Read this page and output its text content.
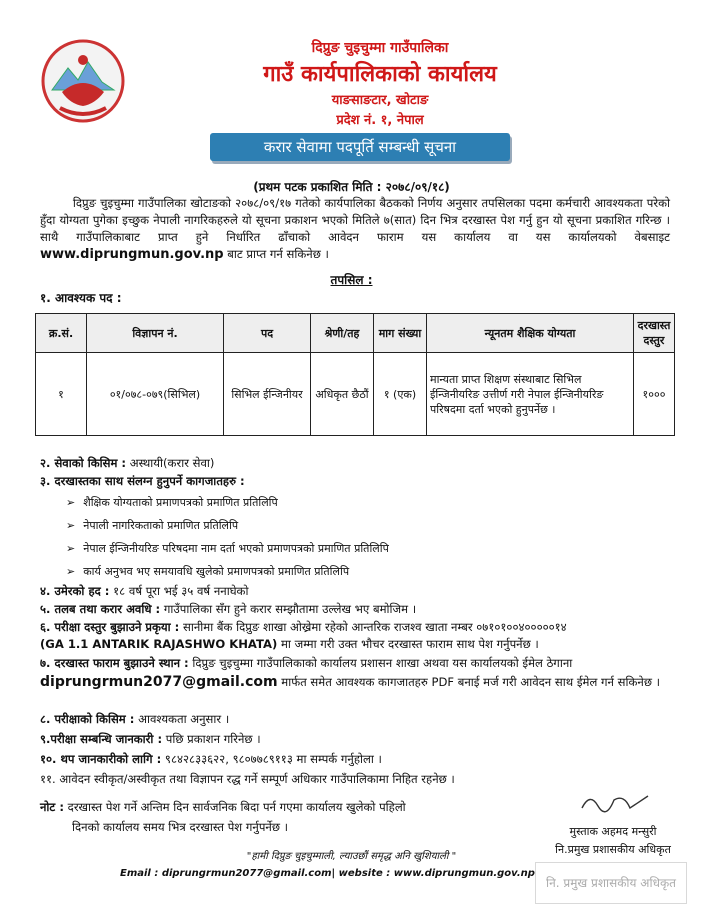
दिप्रुङ चुइचुम्मा गाउँपालिका
गाउँ कार्यपालिकाको कार्यालय
याङसाङटार, खोटाङ
प्रदेश नं. १, नेपाल
करार सेवामा पदपूर्ति सम्बन्धी सूचना
(प्रथम पटक प्रकाशित मिति : २०७८/०९/१८)
दिप्रुङ चुइचुम्मा गाउँपालिका खोटाङको २०७८/०९/१७ गतेको कार्यपालिका बैठकको निर्णय अनुसार तपसिलका पदमा कर्मचारी आवश्यकता परेको हुँदा योग्यता पुगेका इच्छुक नेपाली नागरिकहरुले यो सूचना प्रकाशन भएको मितिले ७(सात) दिन भित्र दरखास्त पेश गर्नु हुन यो सूचना प्रकाशित गरिन्छ । साथै गाउँपालिकाबाट प्राप्त हुने निर्धारित ढाँचाको आवेदन फाराम यस कार्यालय वा यस कार्यालयको वेबसाइट www.diprungmun.gov.np बाट प्राप्त गर्न सकिनेछ ।
तपसिल :
१. आवश्यक पद :
क्र.सं.	विज्ञापन नं.	पद	श्रेणी/तह	माग संख्या	न्यूनतम शैक्षिक योग्यता	दरखास्त दस्तुर
१	०१/०७८-०७९(सिभिल)	सिभिल ईन्जिनीयर	अधिकृत छैठौं	१ (एक)	मान्यता प्राप्त शिक्षण संस्थाबाट सिभिल ईन्जिनीयरिङ उत्तीर्ण गरी नेपाल ईन्जिनीयरिङ परिषदमा दर्ता भएको हुनुपर्नेछ ।	१०००
२. सेवाको किसिम : अस्थायी(करार सेवा)
३. दरखास्तका साथ संलग्न हुनुपर्ने कागजातहरु :
➢ शैक्षिक योग्यताको प्रमाणपत्रको प्रमाणित प्रतिलिपि
➢ नेपाली नागरिकताको प्रमाणित प्रतिलिपि
➢ नेपाल ईन्जिनीयरिङ परिषदमा नाम दर्ता भएको प्रमाणपत्रको प्रमाणित प्रतिलिपि
➢ कार्य अनुभव भए समयावधि खुलेको प्रमाणपत्रको प्रमाणित प्रतिलिपि
४. उमेरको हद : १८ वर्ष पूरा भई ३५ वर्ष ननाघेको
५. तलब तथा करार अवधि : गाउँपालिका सँग हुने करार सम्झौतामा उल्लेख भए बमोजिम ।
६. परीक्षा दस्तुर बुझाउने प्रकृया : सानीमा बैंक दिप्रुङ शाखा ओख्रेमा रहेको आन्तरिक राजश्व खाता नम्बर ०७१०१००४०००००१४
(GA 1.1 ANTARIK RAJASHWO KHATA) मा जम्मा गरी उक्त भौचर दरखास्त फाराम साथ पेश गर्नुपर्नेछ ।
७. दरखास्त फाराम बुझाउने स्थान : दिप्रुङ चुइचुम्मा गाउँपालिकाको कार्यालय प्रशासन शाखा अथवा यस कार्यालयको ईमेल ठेगाना
diprungrmun2077@gmail.com मार्फत समेत आवश्यक कागजातहरु PDF बनाई मर्ज गरी आवेदन साथ ईमेल गर्न सकिनेछ ।
८. परीक्षाको किसिम : आवश्यकता अनुसार ।
९.परीक्षा सम्बन्धि जानकारी : पछि प्रकाशन गरिनेछ ।
१०. थप जानकारीको लागि : ९८४२८३३६२२, ९८०७७८९११३ मा सम्पर्क गर्नुहोला ।
११. आवेदन स्वीकृत/अस्वीकृत तथा विज्ञापन रद्ध गर्ने सम्पूर्ण अधिकार गाउँपालिकामा निहित रहनेछ ।
नोट : दरखास्त पेश गर्ने अन्तिम दिन सार्वजनिक बिदा पर्न गएमा कार्यालय खुलेको पहिलो
दिनको कार्यालय समय भित्र दरखास्त पेश गर्नुपर्नेछ ।	मुस्ताक अहमद मन्सुरी
नि.प्रमुख प्रशासकीय अधिकृत
"हामी दिप्रुङ चुइचुम्माली, ल्याउछौं समृद्ध अनि खुशियाली "
Email : diprungrmun2077@gmail.com| website : www.diprungmun.gov.np
नि. प्रमुख प्रशासकीय अधिकृत
